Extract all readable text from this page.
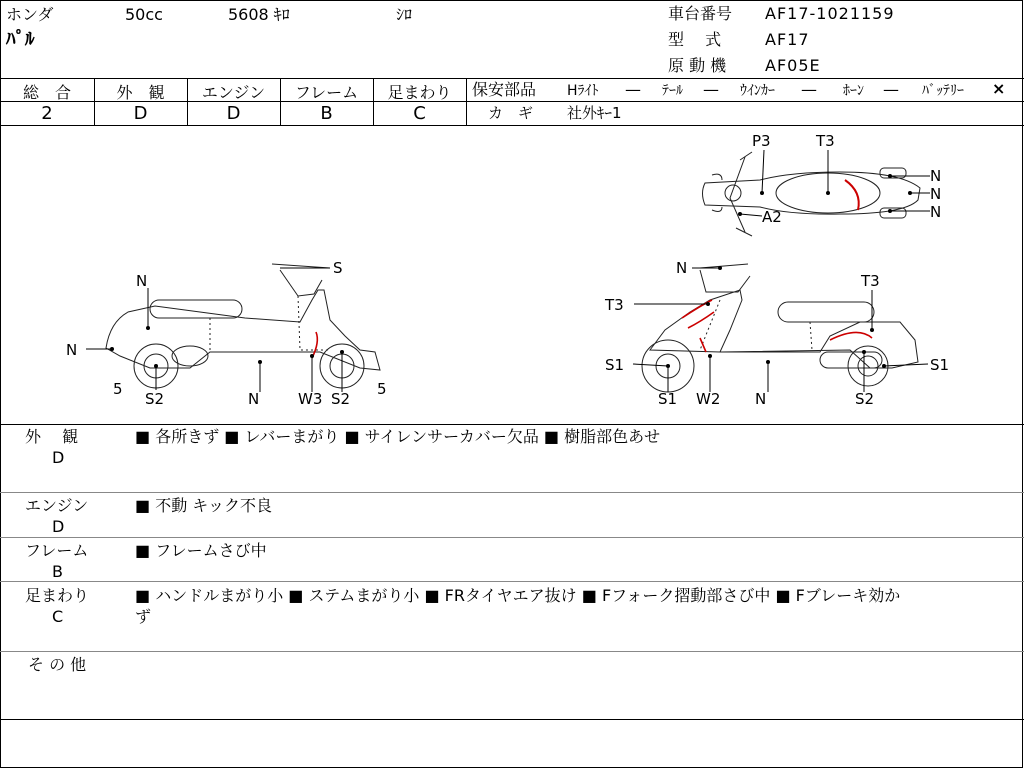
ホンダ	50cc	5608 ｷﾛ	ｼﾛ
ﾊﾟﾙ
車台番号 AF17-1021159
型　 式	AF17
原 動 機 AF05E
総　合	外　観	エンジン	フレーム	足まわり
2	D	D	B	C
保安部品 Hﾗｲﾄ — ﾃｰﾙ — ｳｲﾝｶｰ — ﾎｰﾝ — ﾊﾞｯﾃﾘｰ ×
カ　ギ 社外ｷｰ1
P3	T3
N
N
N
A2
S
N
N
5
S2	N	W3 S2
5
N
T3
T3
S1	S1
S1 W2 N	S2
外　 観
D
■ 各所きず ■ レバーまがり ■ サイレンサーカバー欠品 ■ 樹脂部色あせ
エンジン
D
■ 不動 キック不良
フレーム
B
■ フレームさび中
足まわり
C
■ ハンドルまがり小 ■ ステムまがり小 ■ FRタイヤエア抜け ■ Fフォーク摺動部さび中 ■ Fブレーキ効か
ず
そ の 他
